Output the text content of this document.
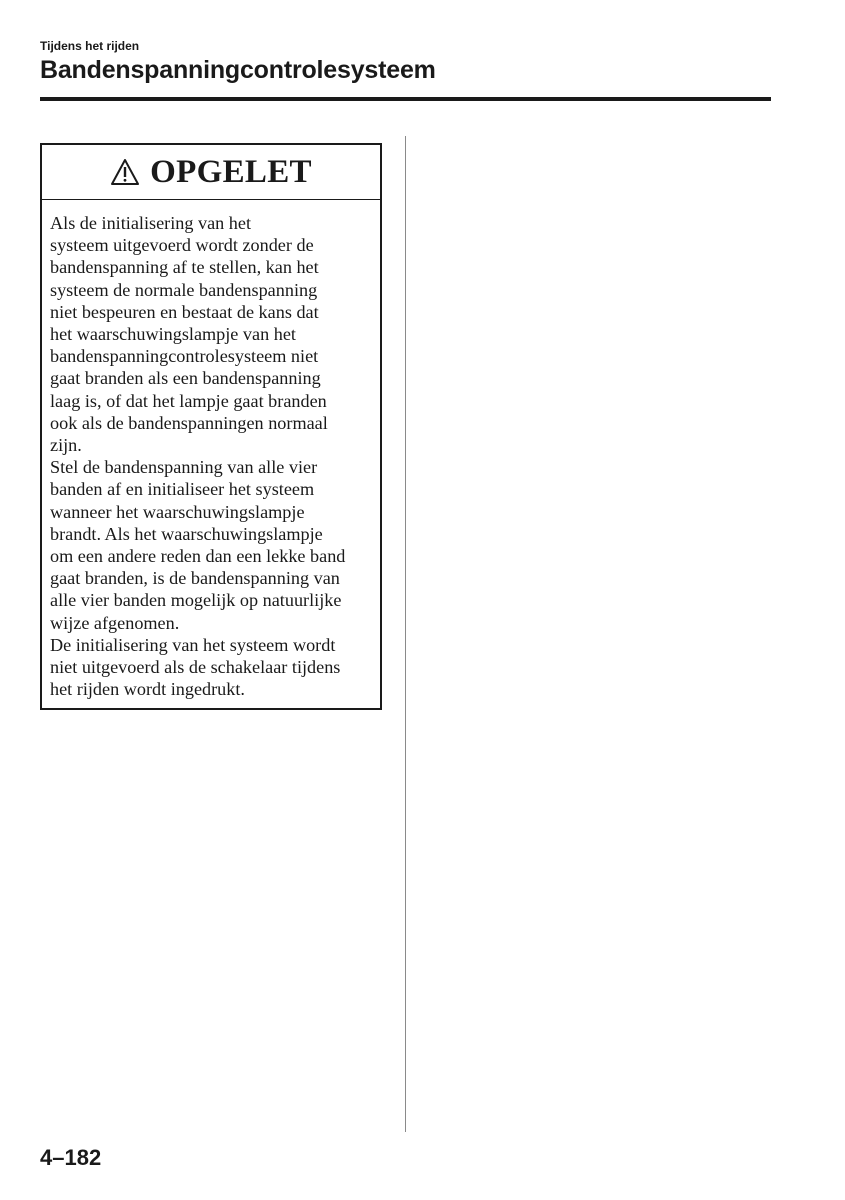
Tijdens het rijden
Bandenspanningcontrolesysteem
OPGELET
Als de initialisering van het
systeem uitgevoerd wordt zonder de
bandenspanning af te stellen, kan het
systeem de normale bandenspanning
niet bespeuren en bestaat de kans dat
het waarschuwingslampje van het
bandenspanningcontrolesysteem niet
gaat branden als een bandenspanning
laag is, of dat het lampje gaat branden
ook als de bandenspanningen normaal
zijn.
Stel de bandenspanning van alle vier
banden af en initialiseer het systeem
wanneer het waarschuwingslampje
brandt. Als het waarschuwingslampje
om een andere reden dan een lekke band
gaat branden, is de bandenspanning van
alle vier banden mogelijk op natuurlijke
wijze afgenomen.
De initialisering van het systeem wordt
niet uitgevoerd als de schakelaar tijdens
het rijden wordt ingedrukt.
4–182
